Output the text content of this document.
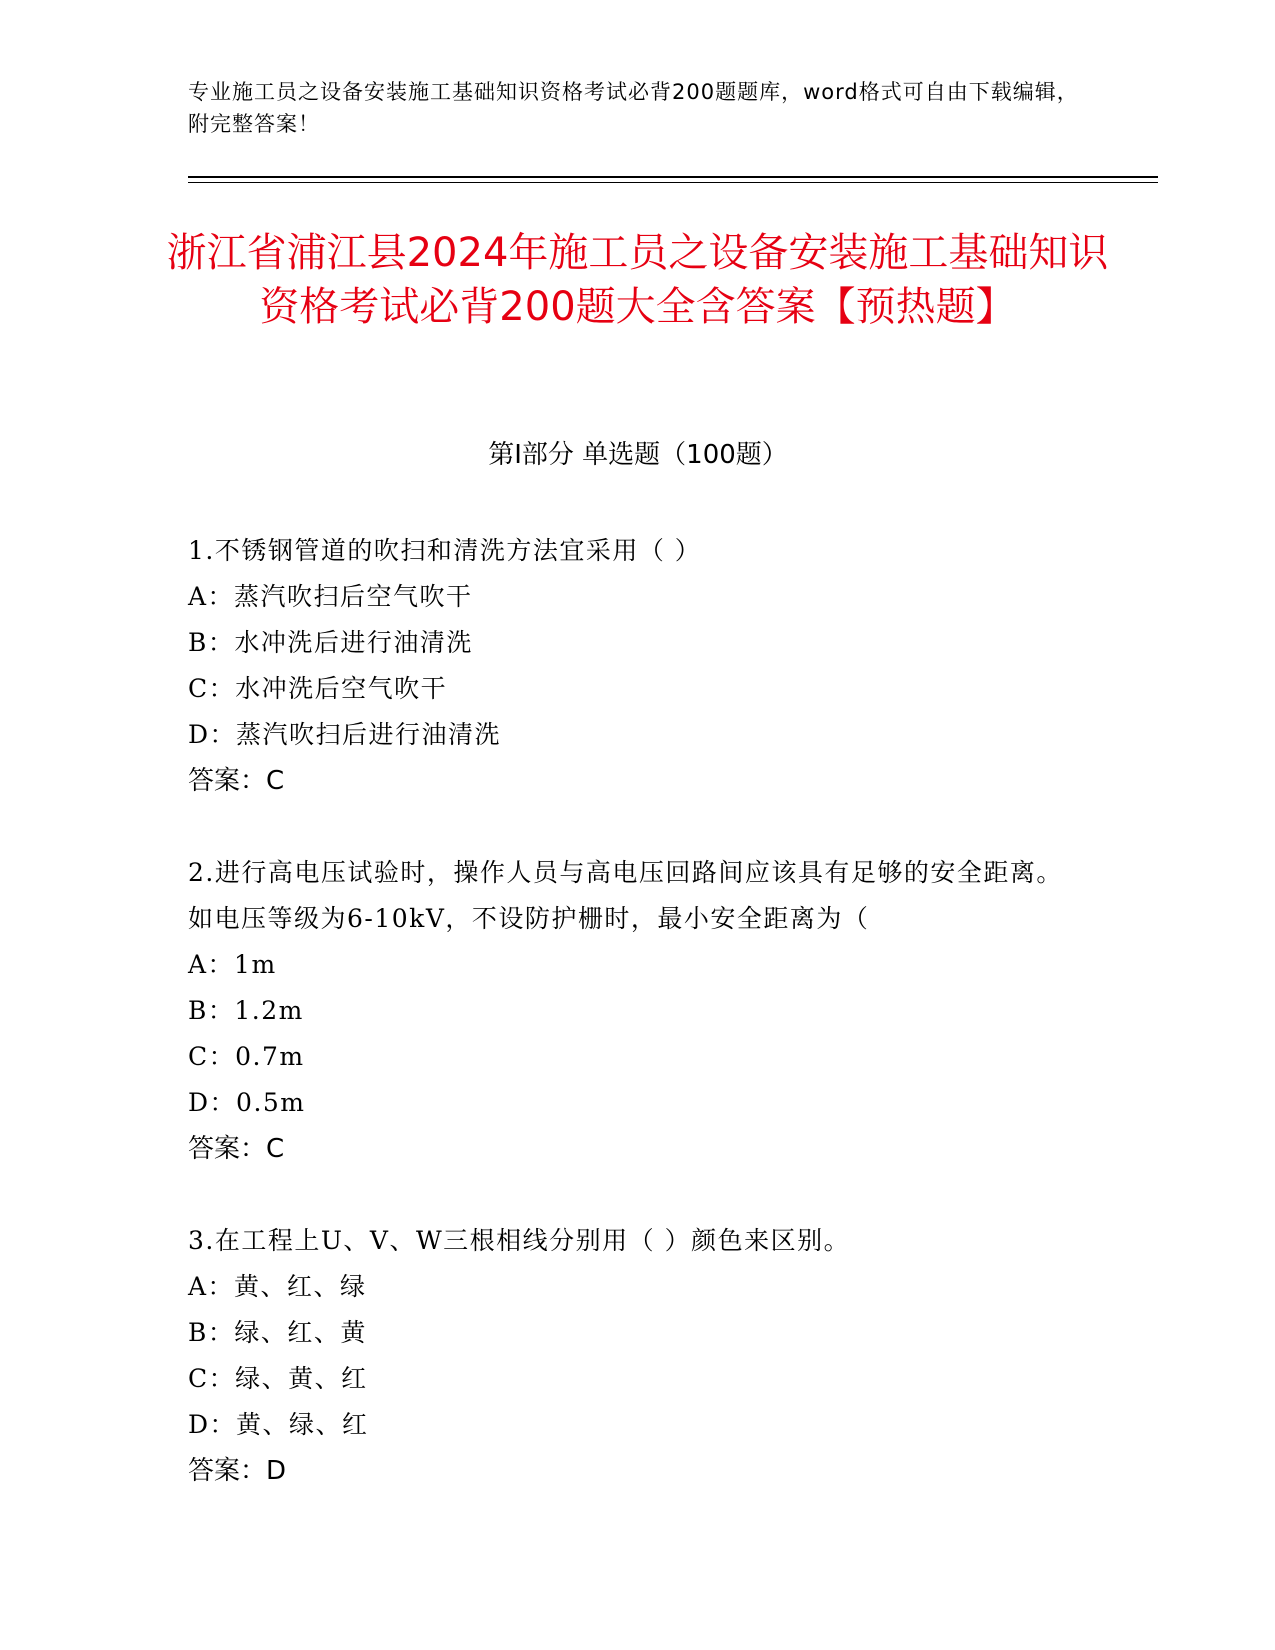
专业施工员之设备安装施工基础知识资格考试必背200题题库，word格式可自由下载编辑，附完整答案！
浙江省浦江县2024年施工员之设备安装施工基础知识资格考试必背200题大全含答案【预热题】
第Ⅰ部分 单选题（100题）
1.不锈钢管道的吹扫和清洗方法宜采用（ ）
A：蒸汽吹扫后空气吹干
B：水冲洗后进行油清洗
C：水冲洗后空气吹干
D：蒸汽吹扫后进行油清洗
答案：C
2.进行高电压试验时，操作人员与高电压回路间应该具有足够的安全距离。如电压等级为6-10kV，不设防护栅时，最小安全距离为（
A：1m
B：1.2m
C：0.7m
D：0.5m
答案：C
3.在工程上U、V、W三根相线分别用（ ）颜色来区别。
A：黄、红、绿
B：绿、红、黄
C：绿、黄、红
D：黄、绿、红
答案：D
